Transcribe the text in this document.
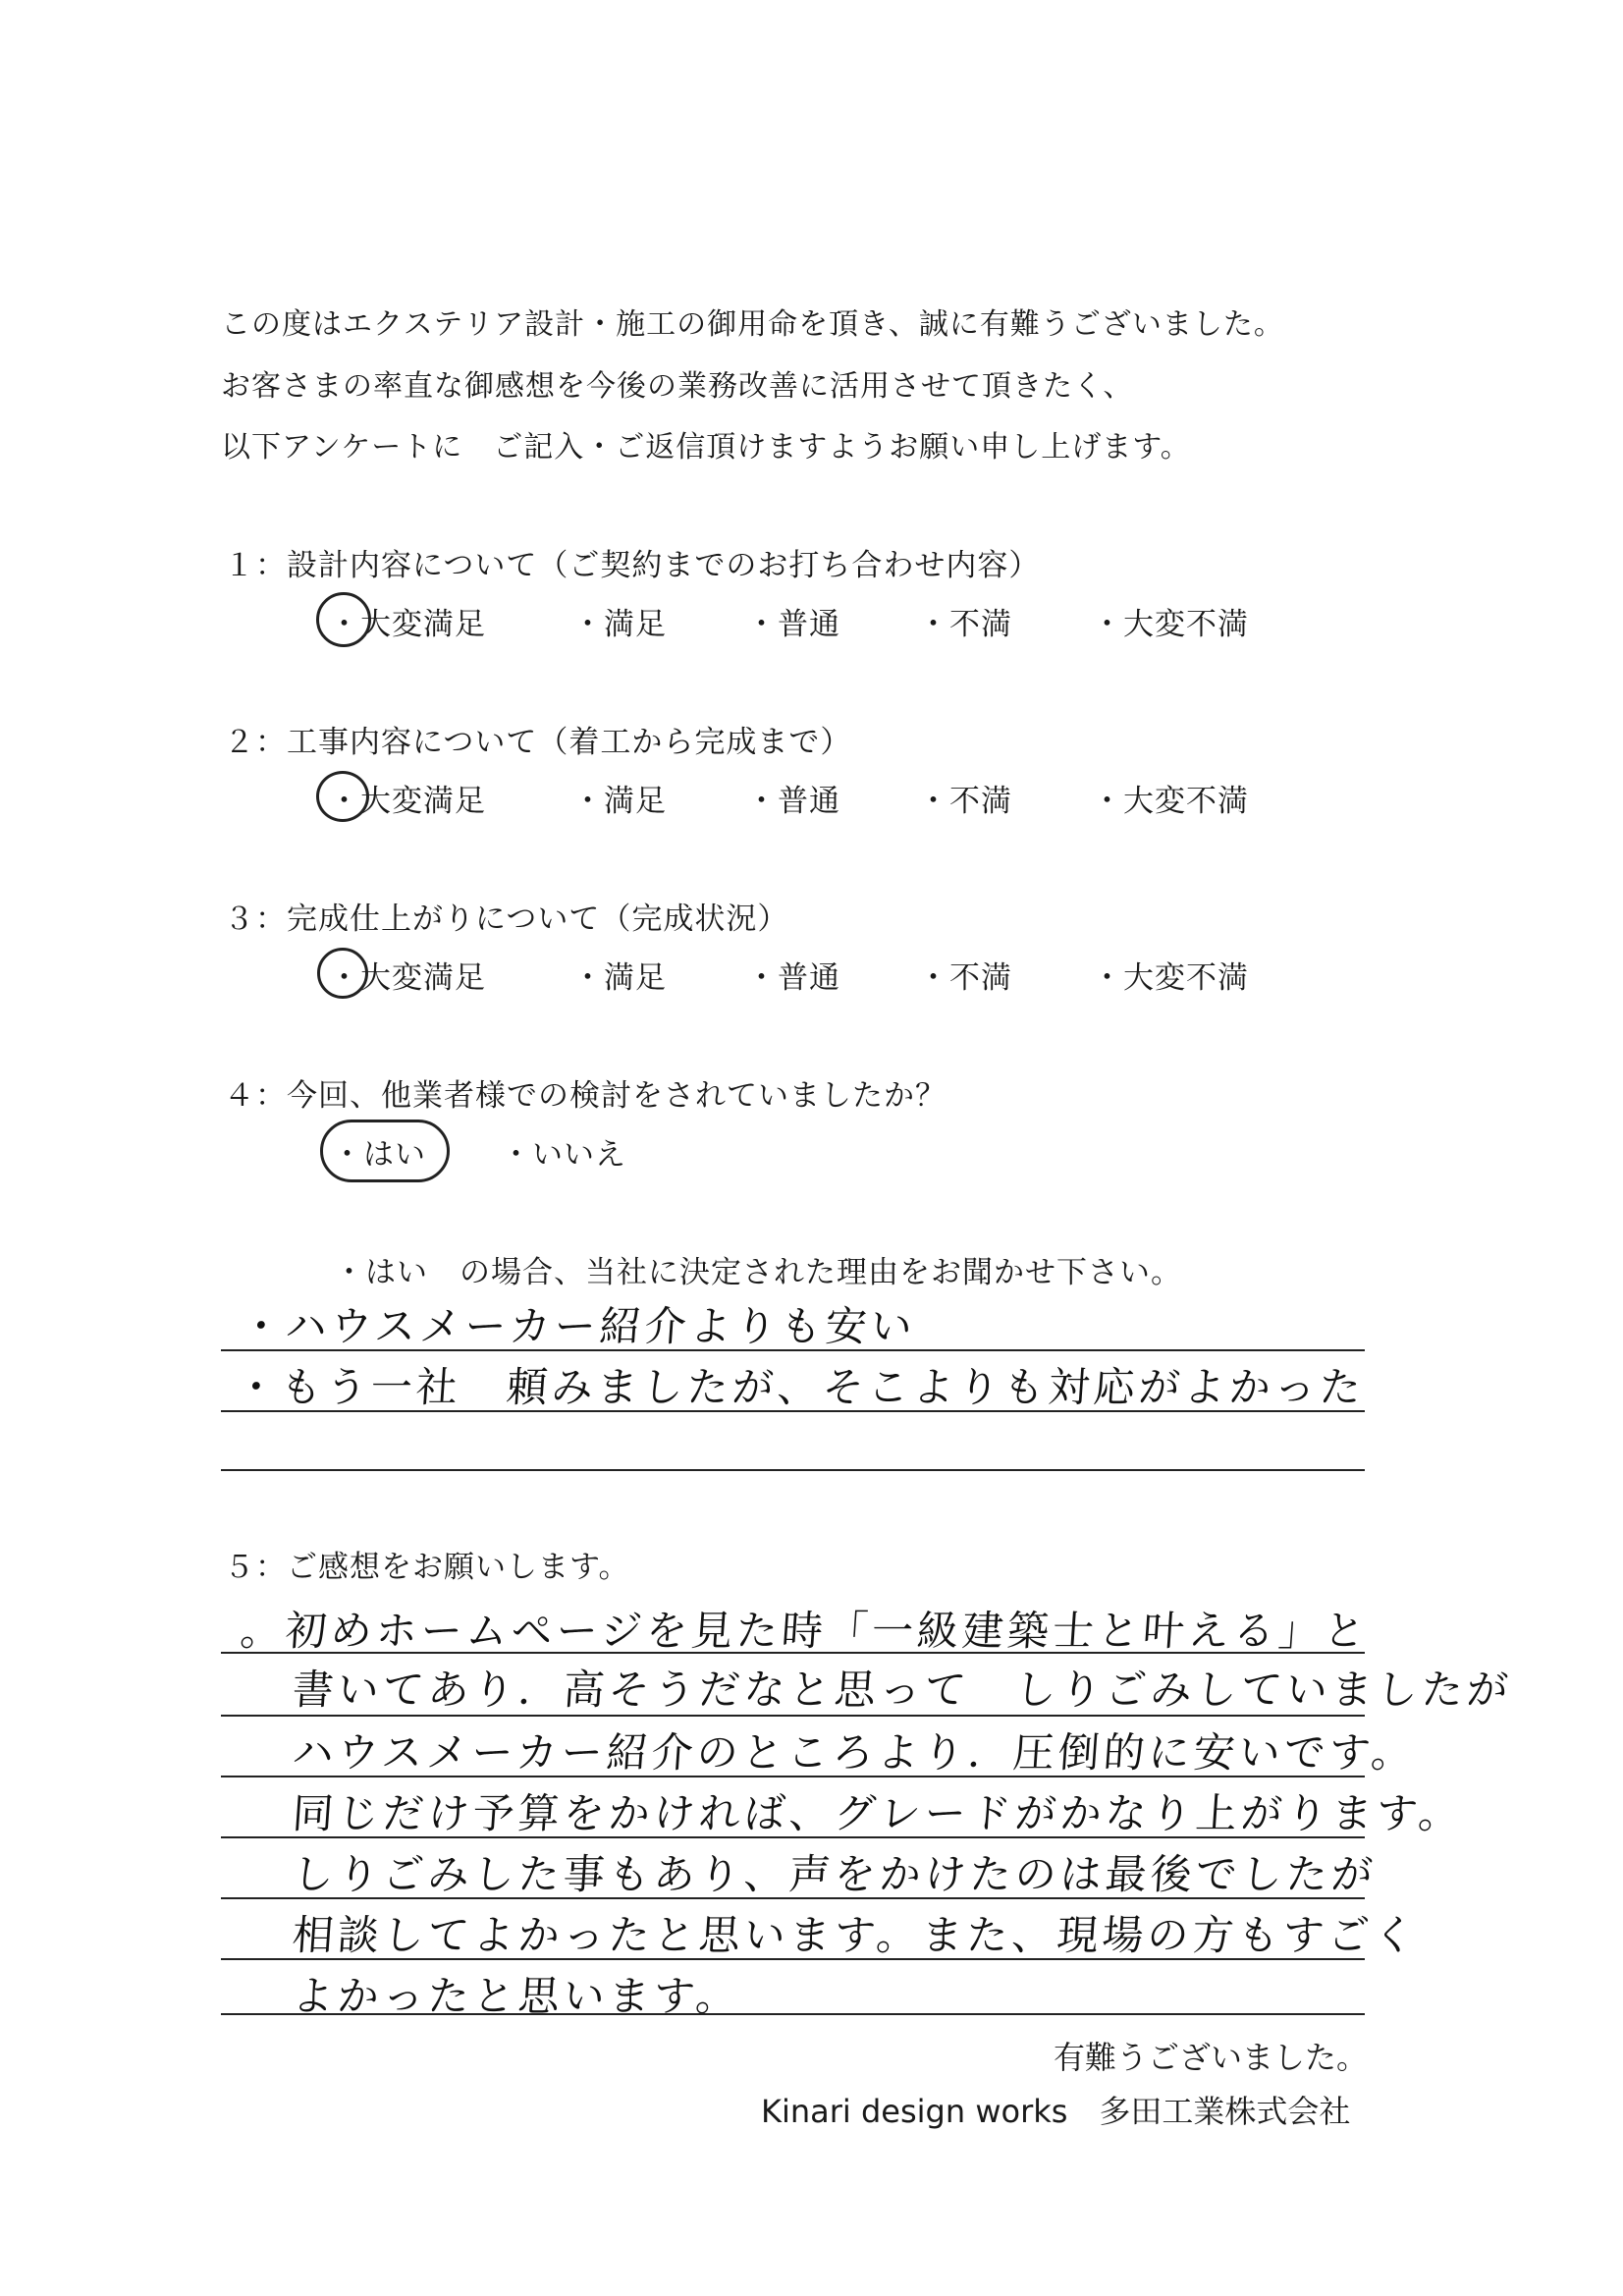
この度はエクステリア設計・施工の御用命を頂き、誠に有難うございました。
お客さまの率直な御感想を今後の業務改善に活用させて頂きたく、
以下アンケートに　ご記入・ご返信頂けますようお願い申し上げます。
１：設計内容について（ご契約までのお打ち合わせ内容）
・大変満足	・満足	・普通	・不満	・大変不満
２：工事内容について（着工から完成まで）
・大変満足	・満足	・普通	・不満	・大変不満
３：完成仕上がりについて（完成状況）
・大変満足	・満足	・普通	・不満	・大変不満
４：今回、他業者様での検討をされていましたか？
・はい ・いいえ
・はい　の場合、当社に決定された理由をお聞かせ下さい。
・ハウスメーカー紹介よりも安い
・もう一社　頼みましたが、そこよりも対応がよかった
５：ご感想をお願いします。
。初めホームページを見た時「一級建築士と叶える」と
書いてあり．高そうだなと思って　しりごみしていましたが
ハウスメーカー紹介のところより．圧倒的に安いです。
同じだけ予算をかければ、グレードがかなり上がります。
しりごみした事もあり、声をかけたのは最後でしたが
相談してよかったと思います。また、現場の方もすごく
よかったと思います。
有難うございました。
Kinari design works　多田工業株式会社
